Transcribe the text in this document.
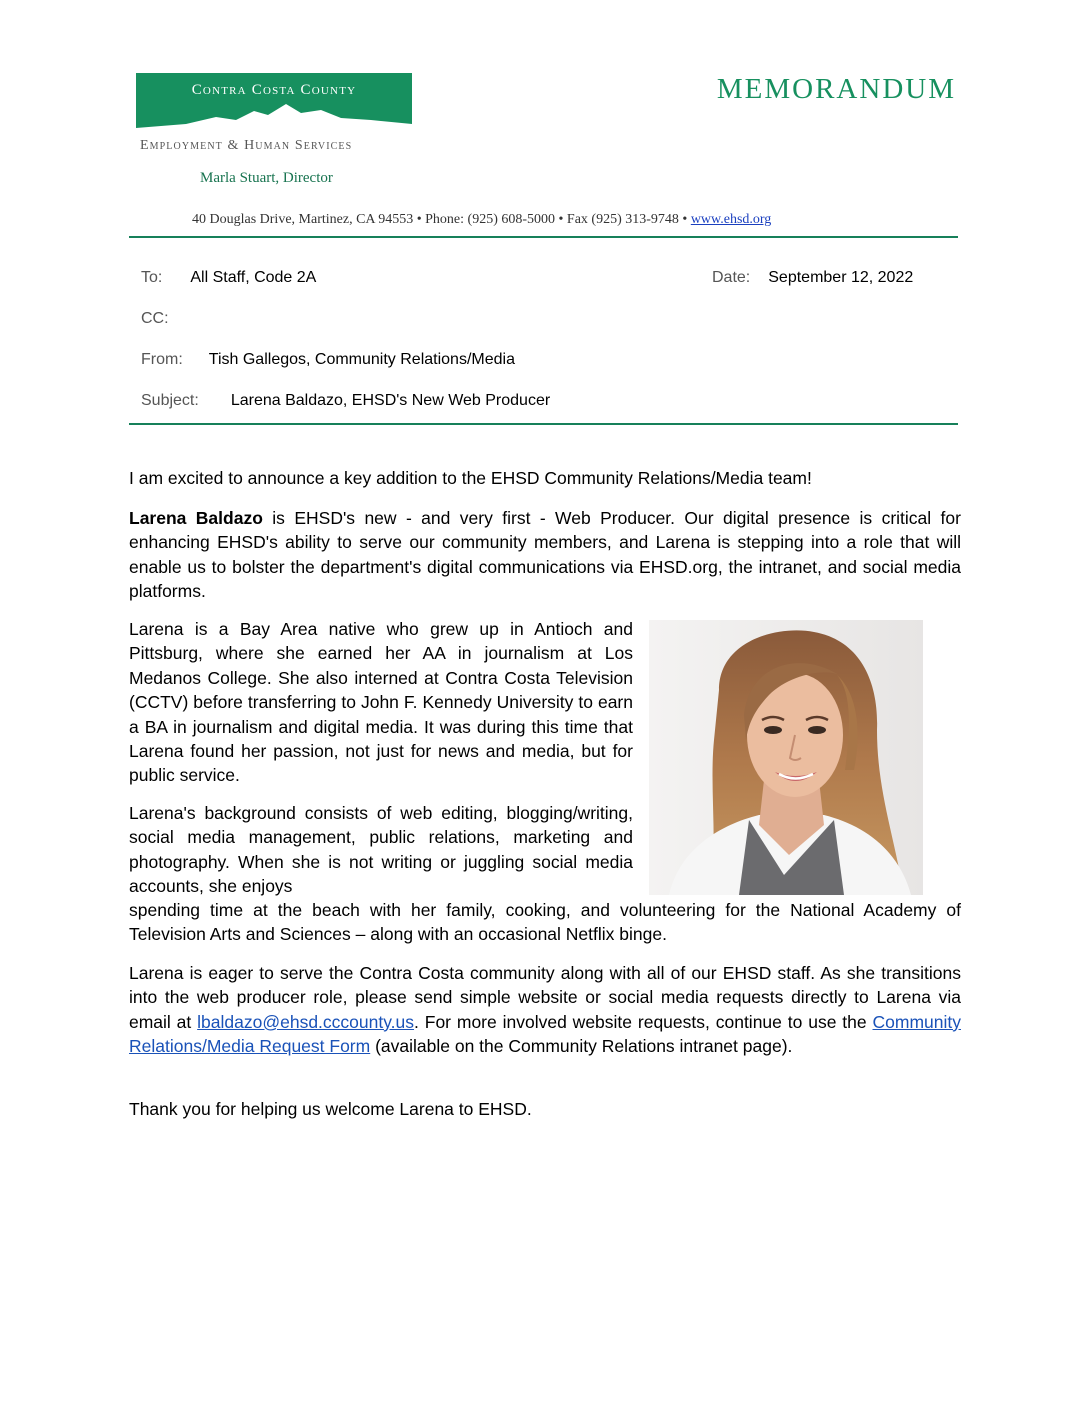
Contra Costa County
Employment & Human Services
Marla Stuart, Director
MEMORANDUM
40 Douglas Drive, Martinez, CA 94553 • Phone: (925) 608-5000 • Fax (925) 313-9748 • www.ehsd.org
To: All Staff, Code 2A	Date: September 12, 2022
CC:
From: Tish Gallegos, Community Relations/Media
Subject: Larena Baldazo, EHSD's New Web Producer

I am excited to announce a key addition to the EHSD Community Relations/Media team!

Larena Baldazo is EHSD's new - and very first - Web Producer. Our digital presence is critical for enhancing EHSD's ability to serve our community members, and Larena is stepping into a role that will enable us to bolster the department's digital communications via EHSD.org, the intranet, and social media platforms.

Larena is a Bay Area native who grew up in Antioch and Pittsburg, where she earned her AA in journalism at Los Medanos College. She also interned at Contra Costa Television (CCTV) before transferring to John F. Kennedy University to earn a BA in journalism and digital media. It was during this time that Larena found her passion, not just for news and media, but for public service.

Larena's background consists of web editing, blogging/writing, social media management, public relations, marketing and photography. When she is not writing or juggling social media accounts, she enjoys

spending time at the beach with her family, cooking, and volunteering for the National Academy of Television Arts and Sciences – along with an occasional Netflix binge.

Larena is eager to serve the Contra Costa community along with all of our EHSD staff. As she transitions into the web producer role, please send simple website or social media requests directly to Larena via email at lbaldazo@ehsd.cccounty.us. For more involved website requests, continue to use the Community Relations/Media Request Form (available on the Community Relations intranet page).

Thank you for helping us welcome Larena to EHSD.
